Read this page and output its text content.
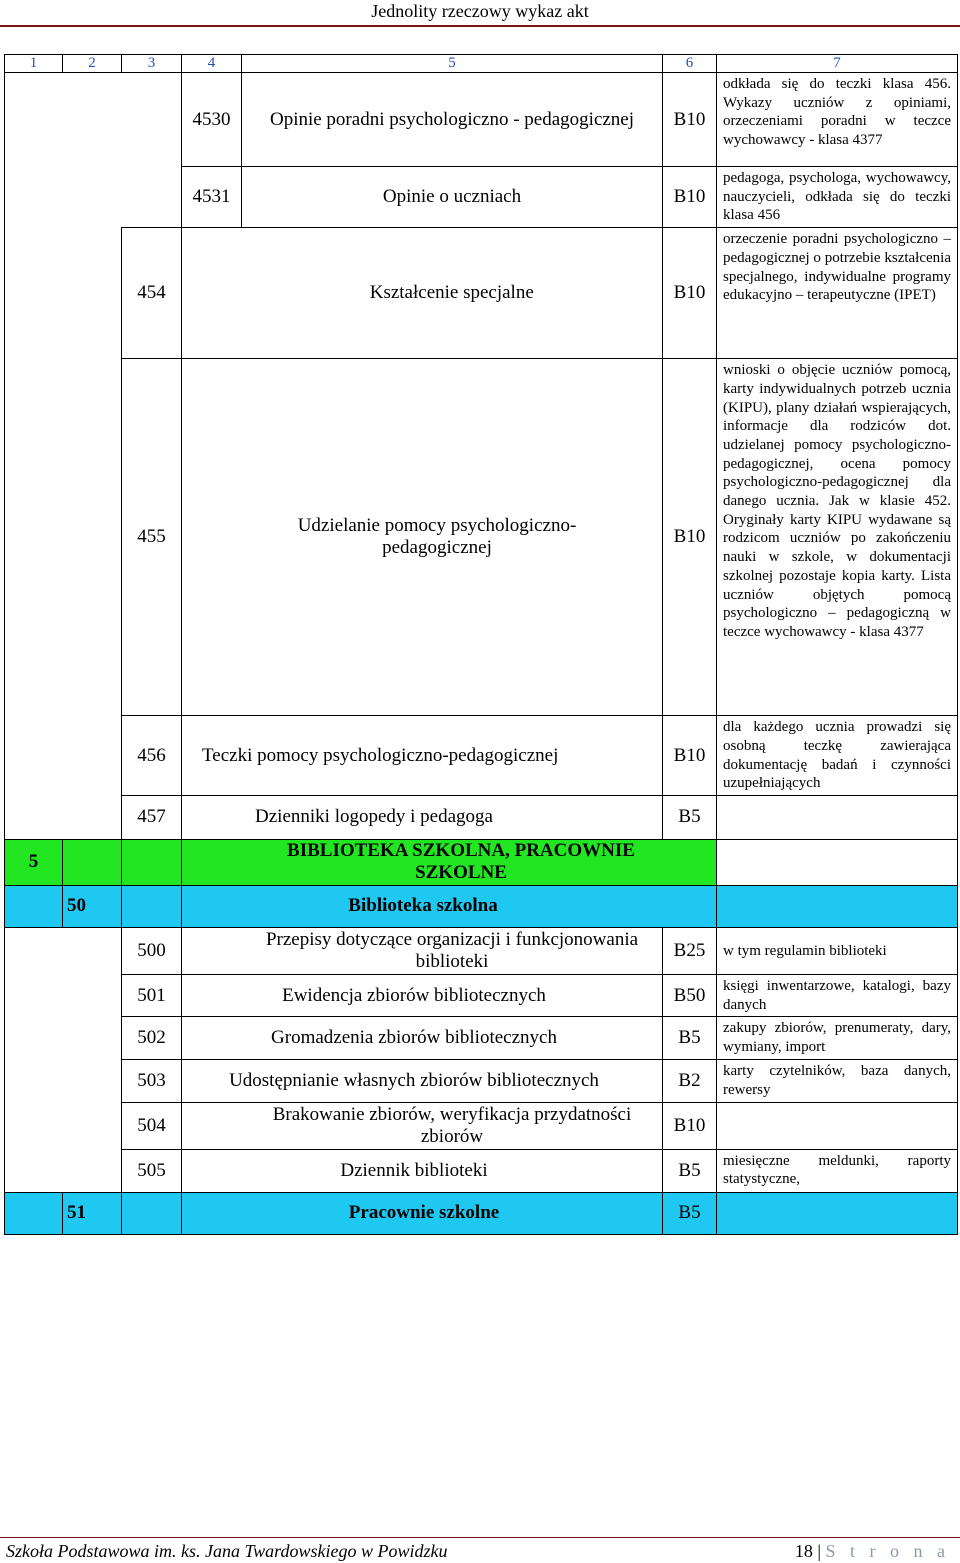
Jednolity rzeczowy wykaz akt
1	2	3	4	5	6	7
			4530	Opinie poradni psychologiczno - pedagogicznej	B10	odkłada się do teczki klasa 456. Wykazy uczniów z opiniami, orzeczeniami poradni w teczce wychowawcy - klasa 4377
			4531	Opinie o uczniach	B10	pedagoga, psychologa, wychowawcy, nauczycieli, odkłada się do teczki klasa 456
		454		Kształcenie specjalne	B10	orzeczenie poradni psychologiczno – pedagogicznej o potrzebie kształcenia specjalnego, indywidualne programy edukacyjno – terapeutyczne (IPET)
		455	Udzielanie pomocy psychologiczno-pedagogicznej		B10	wnioski o objęcie uczniów pomocą, karty indywidualnych potrzeb ucznia (KIPU), plany działań wspierających, informacje dla rodziców dot. udzielanej pomocy psychologiczno-pedagogicznej, ocena pomocy psychologiczno-pedagogicznej dla danego ucznia. Jak w klasie 452. Oryginały karty KIPU wydawane są rodzicom uczniów po zakończeniu nauki w szkole, w dokumentacji szkolnej pozostaje kopia karty. Lista uczniów objętych pomocą psychologiczno – pedagogiczną w teczce wychowawcy - klasa 4377
		456	Teczki pomocy psychologiczno-pedagogicznej		B10	dla każdego ucznia prowadzi się osobną teczkę zawierająca dokumentację badań i czynności uzupełniających
		457	Dzienniki logopedy i pedagoga		B5	
5			BIBLIOTEKA SZKOLNA, PRACOWNIE SZKOLNE			
	50		Biblioteka szkolna			
		500	Przepisy dotyczące organizacji i funkcjonowania biblioteki		B25	w tym regulamin biblioteki
		501	Ewidencja zbiorów bibliotecznych		B50	księgi inwentarzowe, katalogi, bazy danych
		502	Gromadzenia zbiorów bibliotecznych		B5	zakupy zbiorów, prenumeraty, dary, wymiany, import
		503	Udostępnianie własnych zbiorów bibliotecznych		B2	karty czytelników, baza danych, rewersy
		504	Brakowanie zbiorów, weryfikacja przydatności zbiorów		B10	
		505	Dziennik biblioteki		B5	miesięczne meldunki, raporty statystyczne,
	51		Pracownie szkolne		B5	
Szkoła Podstawowa im. ks. Jana Twardowskiego w Powidzku	18 | S t r o n a
